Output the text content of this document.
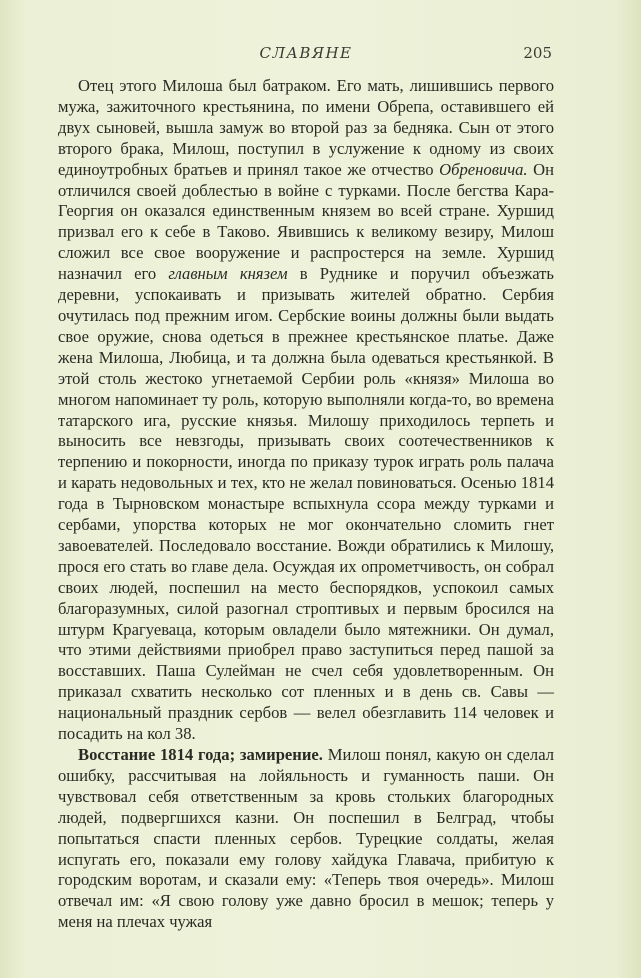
СЛАВЯНЕ	205

Отец этого Милоша был батраком. Его мать, лишившись первого мужа, зажиточного крестьянина, по имени Обрепа, оставившего ей двух сыновей, вышла замуж во второй раз за бедняка. Сын от этого второго брака, Милош, поступил в услужение к одному из своих единоутробных братьев и принял такое же отчество Обреновича. Он отличился своей доблестью в войне с турками. После бегства Кара-Георгия он оказался единственным князем во всей стране. Хуршид призвал его к себе в Таково. Явившись к великому везиру, Милош сложил все свое вооружение и распростерся на земле. Хуршид назначил его главным князем в Руднике и поручил объезжать деревни, успокаивать и призывать жителей обратно. Сербия очутилась под прежним игом. Сербские воины должны были выдать свое оружие, снова одеться в прежнее крестьянское платье. Даже жена Милоша, Любица, и та должна была одеваться крестьянкой. В этой столь жестоко угнетаемой Сербии роль «князя» Милоша во многом напоминает ту роль, которую выполняли когда-то, во времена татарского ига, русские князья. Милошу приходилось терпеть и выносить все невзгоды, призывать своих соотечественников к терпению и покорности, иногда по приказу турок играть роль палача и карать недовольных и тех, кто не желал повиноваться. Осенью 1814 года в Тырновском монастыре вспыхнула ссора между турками и сербами, упорства которых не мог окончательно сломить гнет завоевателей. Последовало восстание. Вожди обратились к Милошу, прося его стать во главе дела. Осуждая их опрометчивость, он собрал своих людей, поспешил на место беспорядков, успокоил самых благоразумных, силой разогнал строптивых и первым бросился на штурм Крагуеваца, которым овладели было мятежники. Он думал, что этими действиями приобрел право заступиться перед пашой за восставших. Паша Сулейман не счел себя удовлетворенным. Он приказал схватить несколько сот пленных и в день св. Савы — национальный праздник сербов — велел обезглавить 114 человек и посадить на кол 38.

Восстание 1814 года; замирение. Милош понял, какую он сделал ошибку, рассчитывая на лойяльность и гуманность паши. Он чувствовал себя ответственным за кровь стольких благородных людей, подвергшихся казни. Он поспешил в Белград, чтобы попытаться спасти пленных сербов. Турецкие солдаты, желая испугать его, показали ему голову хайдука Главача, прибитую к городским воротам, и сказали ему: «Теперь твоя очередь». Милош отвечал им: «Я свою голову уже давно бросил в мешок; теперь у меня на плечах чужая
